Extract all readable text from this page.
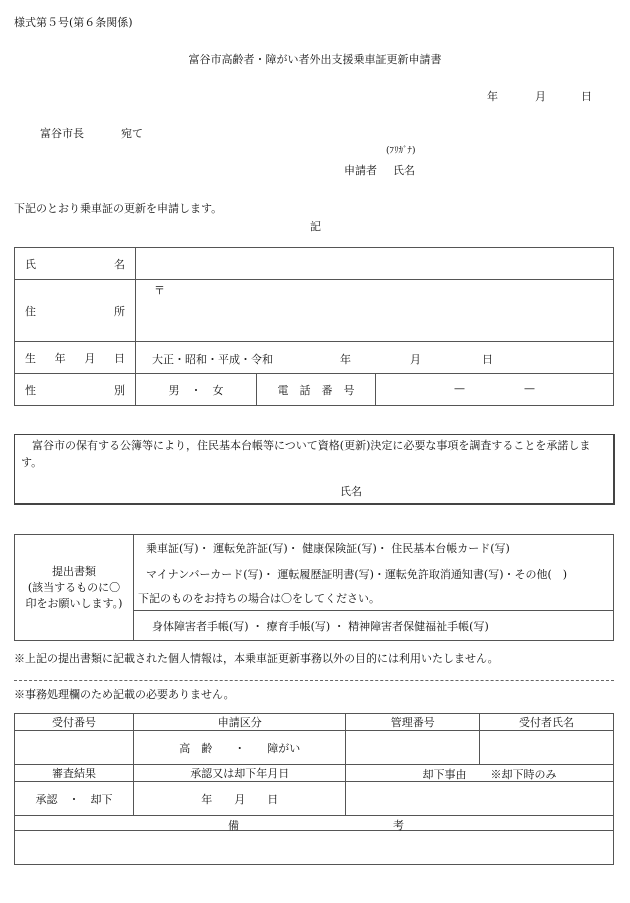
様式第５号(第６条関係)
富谷市高齢者・障がい者外出支援乗車証更新申請書
年	月	日
富谷市長	宛て
(ﾌﾘｶﾞﾅ)
申請者 氏名
下記のとおり乗車証の更新を申請します。
記
氏 名			

住 所	〒		

生 年 月 日	大正・昭和・平成・令和 年 月 日		

性 別	男　・　女	電　話　番　号	— —
富谷市の保有する公簿等により，住民基本台帳等について資格(更新)決定に必要な事項を調査することを承諾します。
氏名
提出書類
(該当するものに〇
印をお願いします。)
	乗車証(写)・ 運転免許証(写)・ 健康保険証(写)・ 住民基本台帳カード(写)
マイナンバーカード(写)・ 運転履歴証明書(写)・運転免許取消通知書(写)・その他(　)
下記のものをお持ちの場合は〇をしてください。
身体障害者手帳(写) ・ 療育手帳(写) ・ 精神障害者保健福祉手帳(写)
※上記の提出書類に記載された個人情報は，本乗車証更新事務以外の目的には利用いたしません。
※事務処理欄のため記載の必要ありません。
受付番号	申請区分	管理番号	受付者氏名
	高　齢　　・　　障がい		
審査結果	承認又は却下年月日	却下事由 ※却下時のみ	

承認　・　却下	年　　月　　日		

備 考			
